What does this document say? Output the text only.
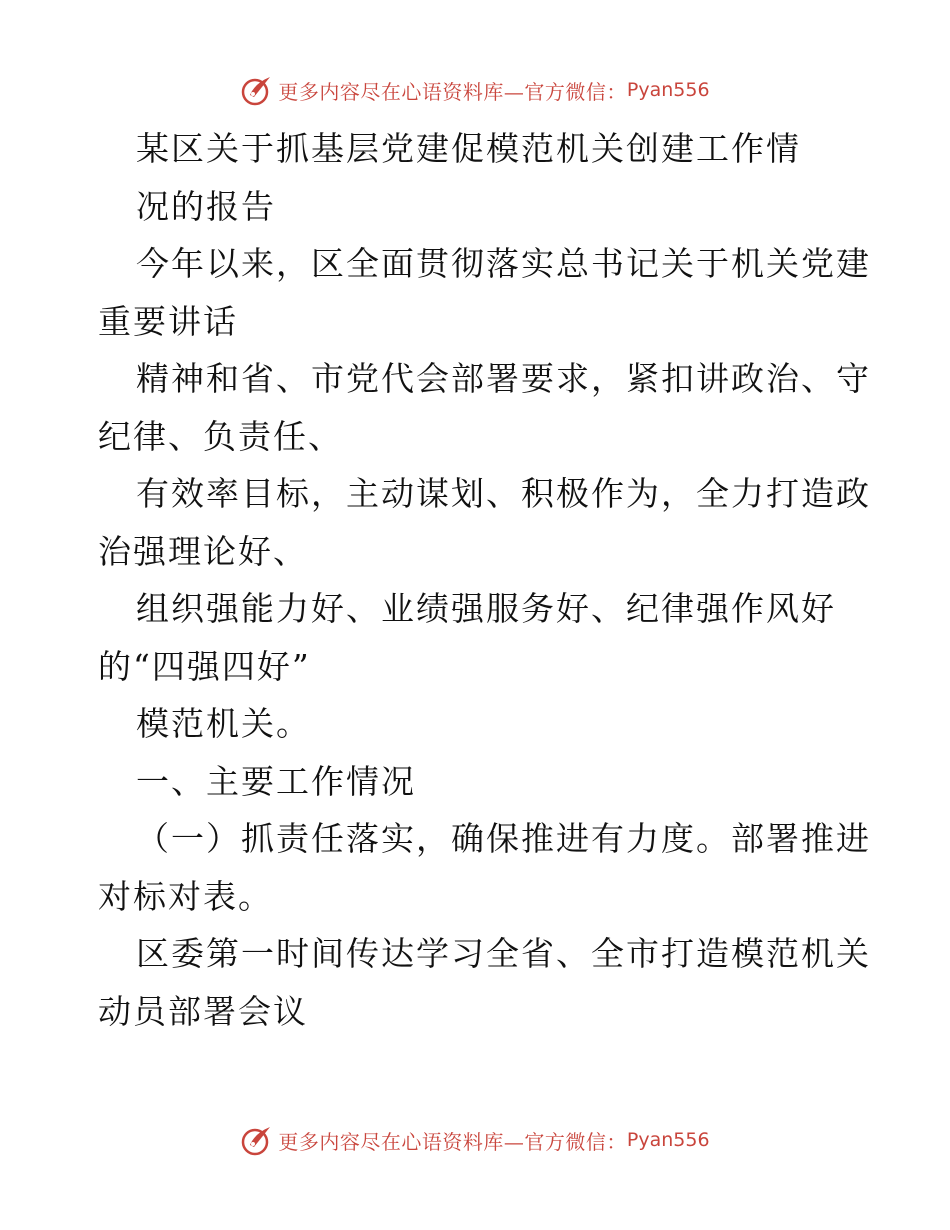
更多内容尽在心语资料库—官方微信： Pyan556
某区关于抓基层党建促模范机关创建工作情
况的报告
今年以来，区全面贯彻落实总书记关于机关党建
重要讲话
精神和省、市党代会部署要求，紧扣讲政治、守
纪律、负责任、
有效率目标，主动谋划、积极作为，全力打造政
治强理论好、
组织强能力好、业绩强服务好、纪律强作风好
的“四强四好”
模范机关。
一、主要工作情况
（一）抓责任落实，确保推进有力度。部署推进
对标对表。
区委第一时间传达学习全省、全市打造模范机关
动员部署会议
更多内容尽在心语资料库—官方微信： Pyan556
